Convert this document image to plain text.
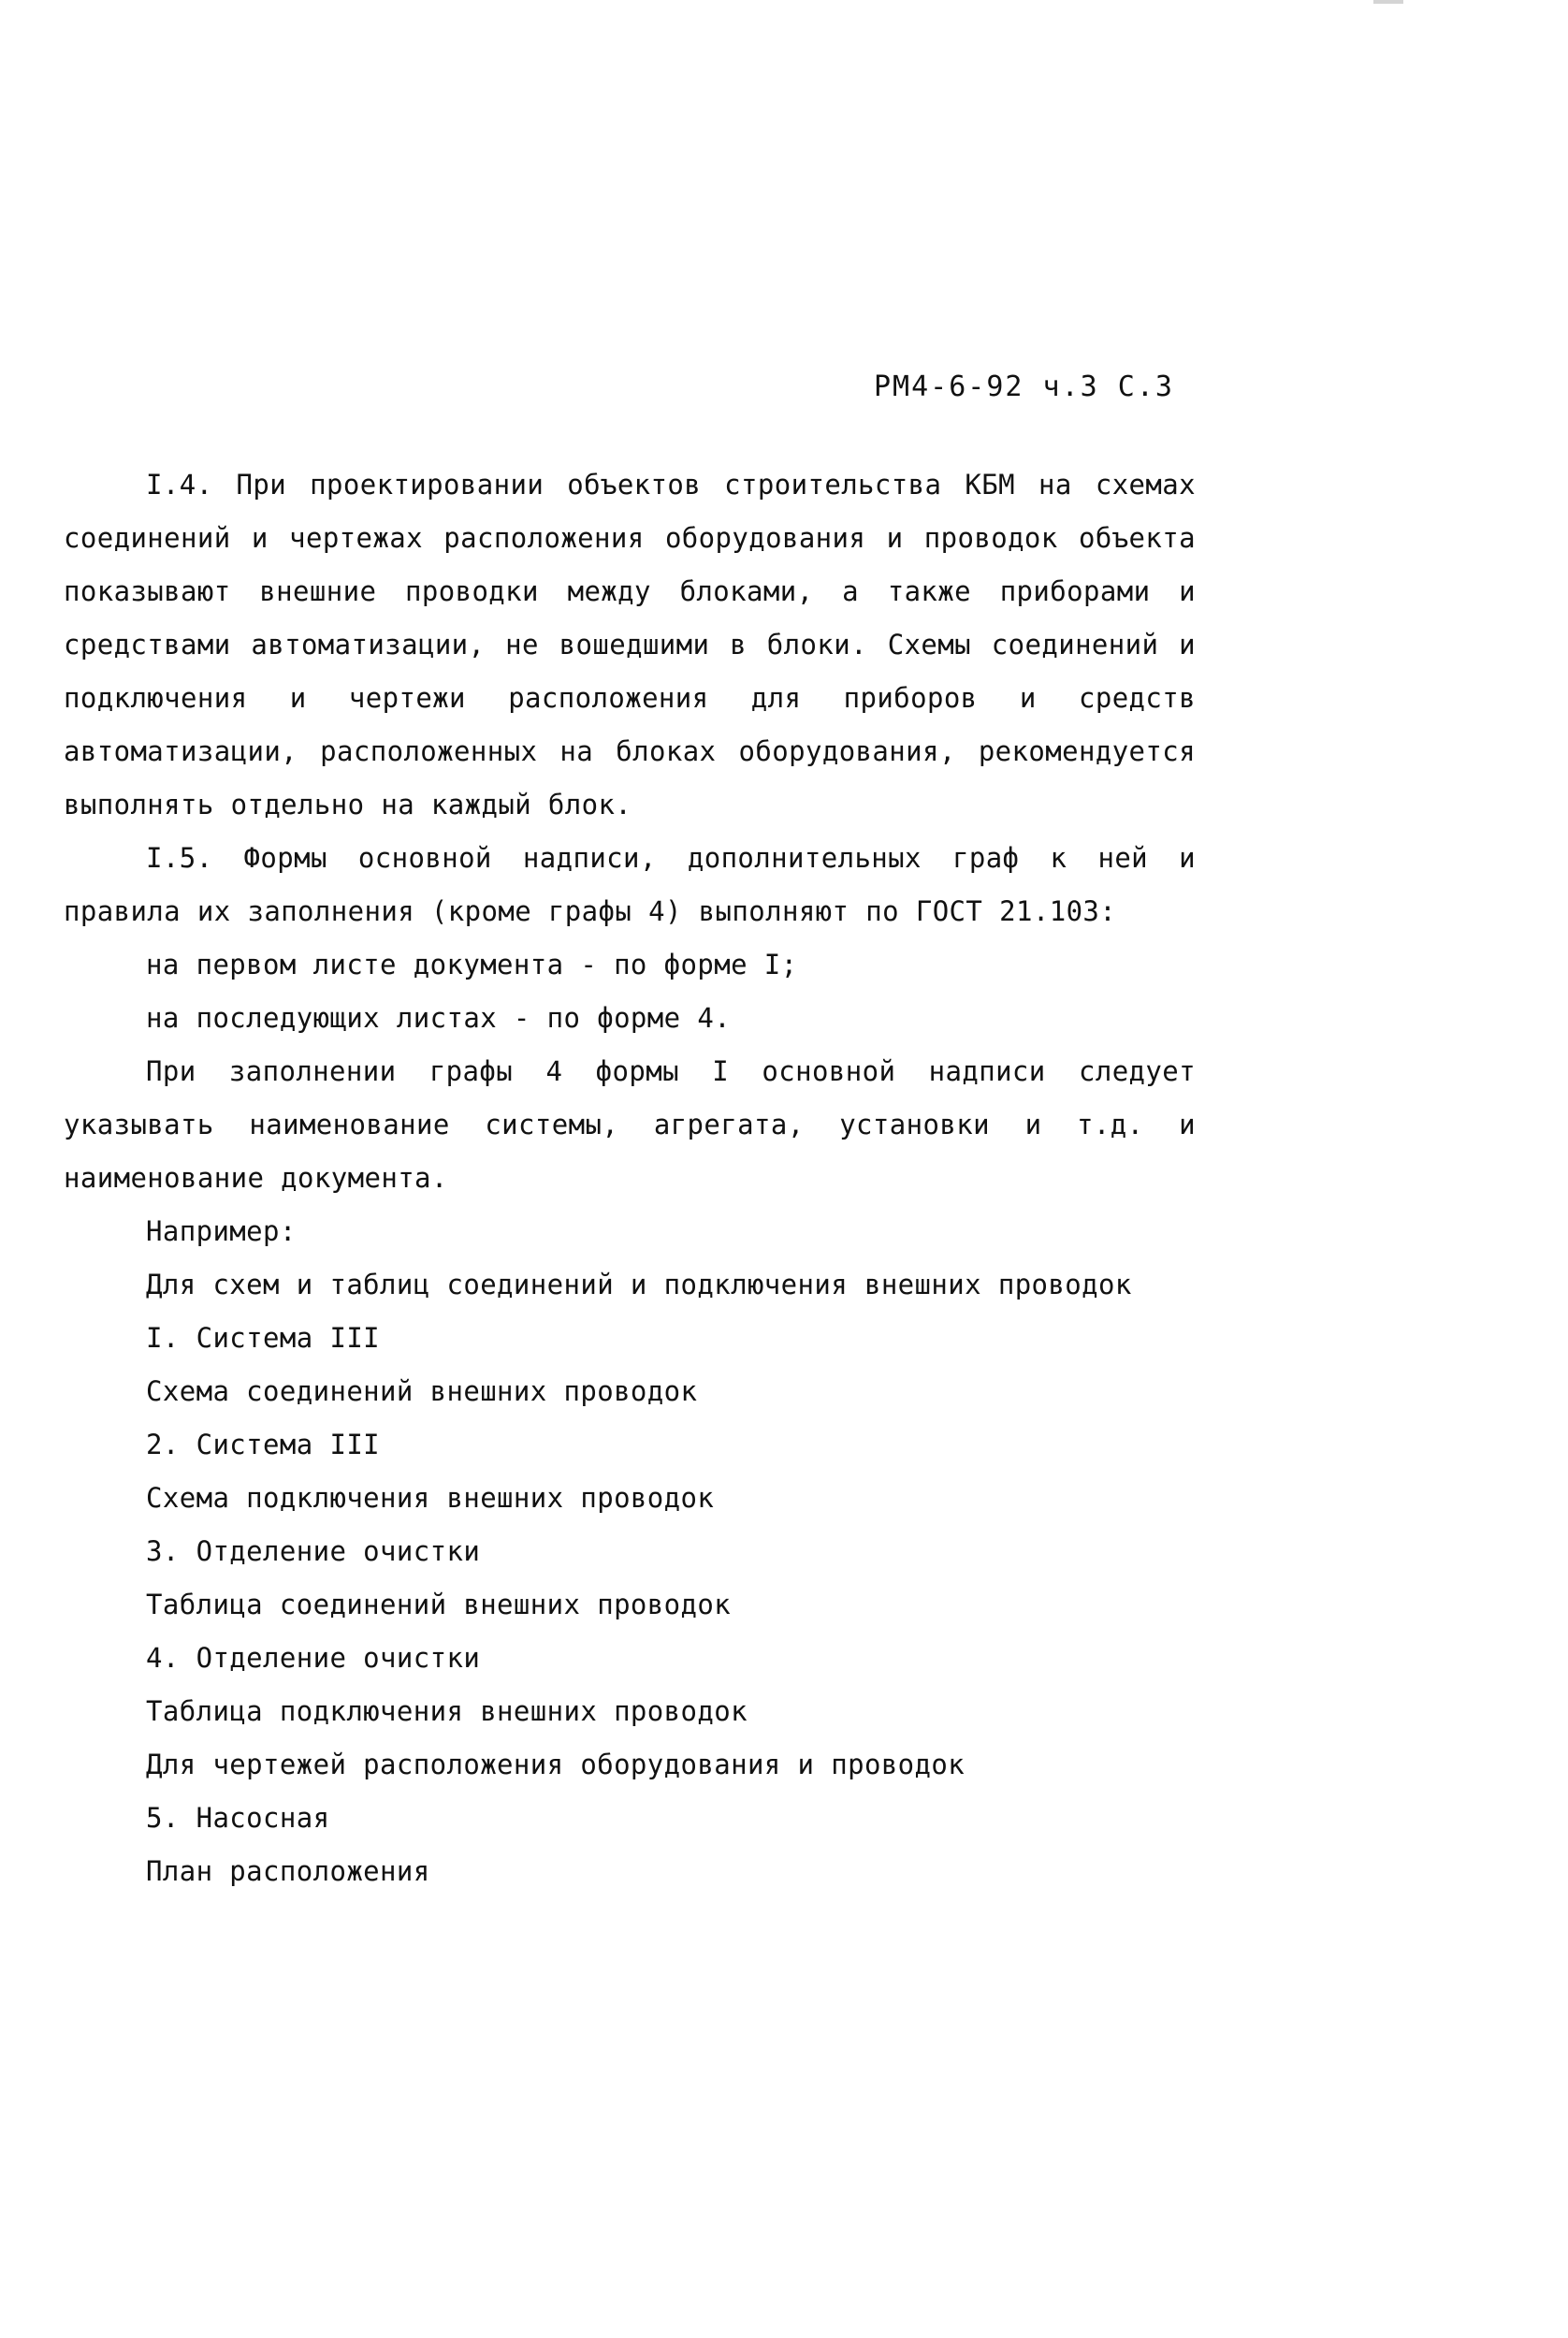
РМ4-6-92 ч.3 С.3
I.4. При проектировании объектов строительства КБМ на схемах соединений и чертежах расположения оборудования и проводок объекта показывают внешние проводки между блоками, а также приборами и средствами автоматизации, не вошедшими в блоки. Схемы соединений и подключения и чертежи расположения для приборов и средств автоматизации, расположенных на блоках оборудования, рекомендуется выполнять отдельно на каждый блок.
I.5. Формы основной надписи, дополнительных граф к ней и правила их заполнения (кроме графы 4) выполняют по ГОСТ 21.103:
на первом листе документа - по форме I;
на последующих листах - по форме 4.
При заполнении графы 4 формы I основной надписи следует указывать наименование системы, агрегата, установки и т.д. и наименование документа.
Например:
Для схем и таблиц соединений и подключения внешних проводок
I. Система III
Схема соединений внешних проводок
2. Система III
Схема подключения внешних проводок
3. Отделение очистки
Таблица соединений внешних проводок
4. Отделение очистки
Таблица подключения внешних проводок
Для чертежей расположения оборудования и проводок
5. Насосная
План расположения
